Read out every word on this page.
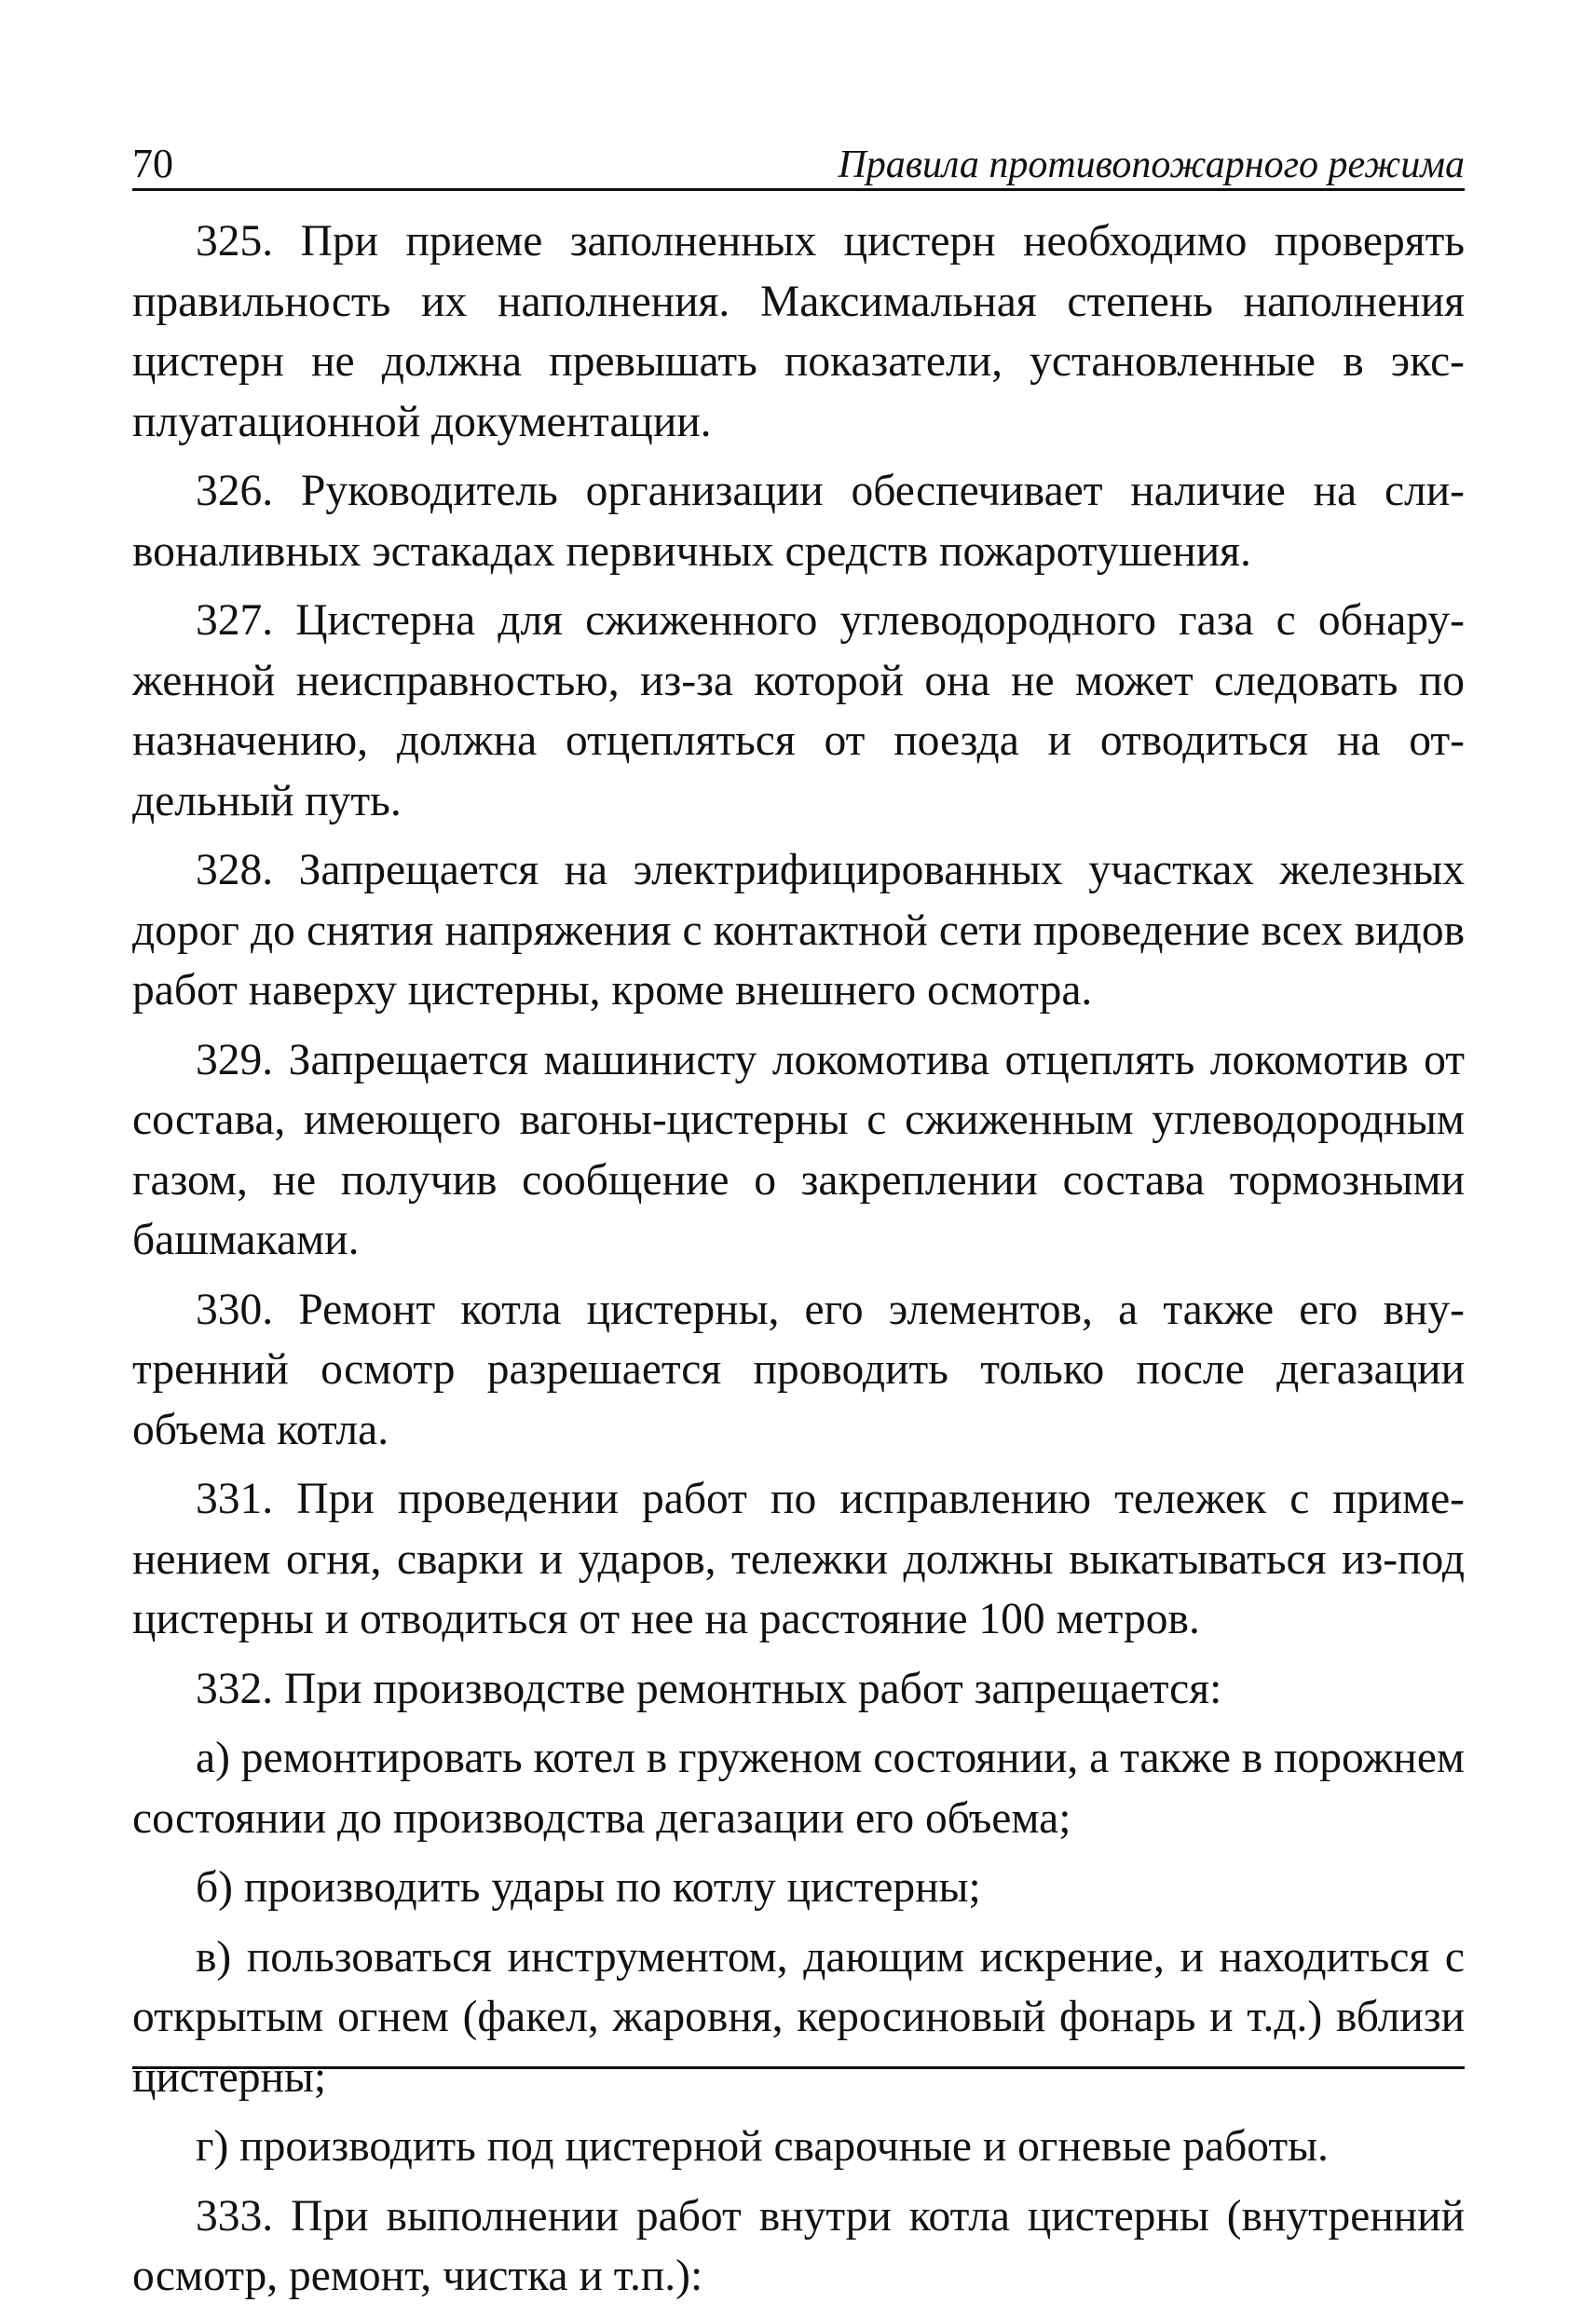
70	Правила противопожарного режима

325. При приеме заполненных цистерн необходимо проверять правильность их наполнения. Максимальная степень наполнения цистерн не должна превышать показатели, установленные в эксплуатационной документации.

326. Руководитель организации обеспечивает наличие на сливоналивных эстакадах первичных средств пожаротушения.

327. Цистерна для сжиженного углеводородного газа с обнаруженной неисправностью, из-за которой она не может следовать по назначению, должна отцепляться от поезда и отводиться на отдельный путь.

328. Запрещается на электрифицированных участках железных дорог до снятия напряжения с контактной сети проведение всех видов работ наверху цистерны, кроме внешнего осмотра.

329. Запрещается машинисту локомотива отцеплять локомотив от состава, имеющего вагоны-цистерны с сжиженным углеводородным газом, не получив сообщение о закреплении состава тормозными башмаками.

330. Ремонт котла цистерны, его элементов, а также его внутренний осмотр разрешается проводить только после дегазации объема котла.

331. При проведении работ по исправлению тележек с применением огня, сварки и ударов, тележки должны выкатываться из-под цистерны и отводиться от нее на расстояние 100 метров.

332. При производстве ремонтных работ запрещается:

а) ремонтировать котел в груженом состоянии, а также в порожнем состоянии до производства дегазации его объема;

б) производить удары по котлу цистерны;

в) пользоваться инструментом, дающим искрение, и находиться с открытым огнем (факел, жаровня, керосиновый фонарь и т.д.) вблизи цистерны;

г) производить под цистерной сварочные и огневые работы.

333. При выполнении работ внутри котла цистерны (внутренний осмотр, ремонт, чистка и т.п.):
